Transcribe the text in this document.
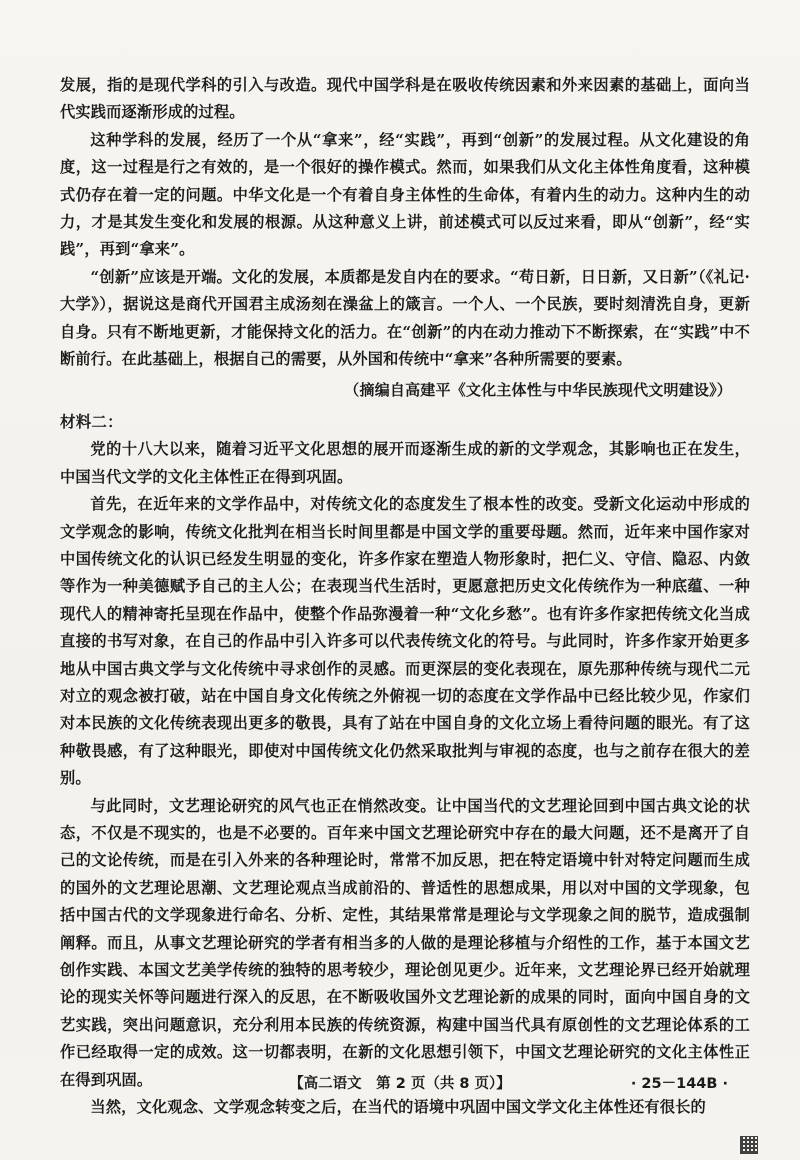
发展，指的是现代学科的引入与改造。现代中国学科是在吸收传统因素和外来因素的基础上，面向当代实践而逐渐形成的过程。

这种学科的发展，经历了一个从“拿来”，经“实践”，再到“创新”的发展过程。从文化建设的角度，这一过程是行之有效的，是一个很好的操作模式。然而，如果我们从文化主体性角度看，这种模式仍存在着一定的问题。中华文化是一个有着自身主体性的生命体，有着内生的动力。这种内生的动力，才是其发生变化和发展的根源。从这种意义上讲，前述模式可以反过来看，即从“创新”，经“实践”，再到“拿来”。

“创新”应该是开端。文化的发展，本质都是发自内在的要求。“苟日新，日日新，又日新”（《礼记·大学》），据说这是商代开国君主成汤刻在澡盆上的箴言。一个人、一个民族，要时刻清洗自身，更新自身。只有不断地更新，才能保持文化的活力。在“创新”的内在动力推动下不断探索，在“实践”中不断前行。在此基础上，根据自己的需要，从外国和传统中“拿来”各种所需要的要素。

（摘编自高建平《文化主体性与中华民族现代文明建设》）

材料二：

党的十八大以来，随着习近平文化思想的展开而逐渐生成的新的文学观念，其影响也正在发生，中国当代文学的文化主体性正在得到巩固。

首先，在近年来的文学作品中，对传统文化的态度发生了根本性的改变。受新文化运动中形成的文学观念的影响，传统文化批判在相当长时间里都是中国文学的重要母题。然而，近年来中国作家对中国传统文化的认识已经发生明显的变化，许多作家在塑造人物形象时，把仁义、守信、隐忍、内敛等作为一种美德赋予自己的主人公；在表现当代生活时，更愿意把历史文化传统作为一种底蕴、一种现代人的精神寄托呈现在作品中，使整个作品弥漫着一种“文化乡愁”。也有许多作家把传统文化当成直接的书写对象，在自己的作品中引入许多可以代表传统文化的符号。与此同时，许多作家开始更多地从中国古典文学与文化传统中寻求创作的灵感。而更深层的变化表现在，原先那种传统与现代二元对立的观念被打破，站在中国自身文化传统之外俯视一切的态度在文学作品中已经比较少见，作家们对本民族的文化传统表现出更多的敬畏，具有了站在中国自身的文化立场上看待问题的眼光。有了这种敬畏感，有了这种眼光，即使对中国传统文化仍然采取批判与审视的态度，也与之前存在很大的差别。

与此同时，文艺理论研究的风气也正在悄然改变。让中国当代的文艺理论回到中国古典文论的状态，不仅是不现实的，也是不必要的。百年来中国文艺理论研究中存在的最大问题，还不是离开了自己的文论传统，而是在引入外来的各种理论时，常常不加反思，把在特定语境中针对特定问题而生成的国外的文艺理论思潮、文艺理论观点当成前沿的、普适性的思想成果，用以对中国的文学现象，包括中国古代的文学现象进行命名、分析、定性，其结果常常是理论与文学现象之间的脱节，造成强制阐释。而且，从事文艺理论研究的学者有相当多的人做的是理论移植与介绍性的工作，基于本国文艺创作实践、本国文艺美学传统的独特的思考较少，理论创见更少。近年来，文艺理论界已经开始就理论的现实关怀等问题进行深入的反思，在不断吸收国外文艺理论新的成果的同时，面向中国自身的文艺实践，突出问题意识，充分利用本民族的传统资源，构建中国当代具有原创性的文艺理论体系的工作已经取得一定的成效。这一切都表明，在新的文化思想引领下，中国文艺理论研究的文化主体性正在得到巩固。

当然，文化观念、文学观念转变之后，在当代的语境中巩固中国文学文化主体性还有很长的

【高二语文　第 2 页（共 8 页）】	· 25－144B ·
